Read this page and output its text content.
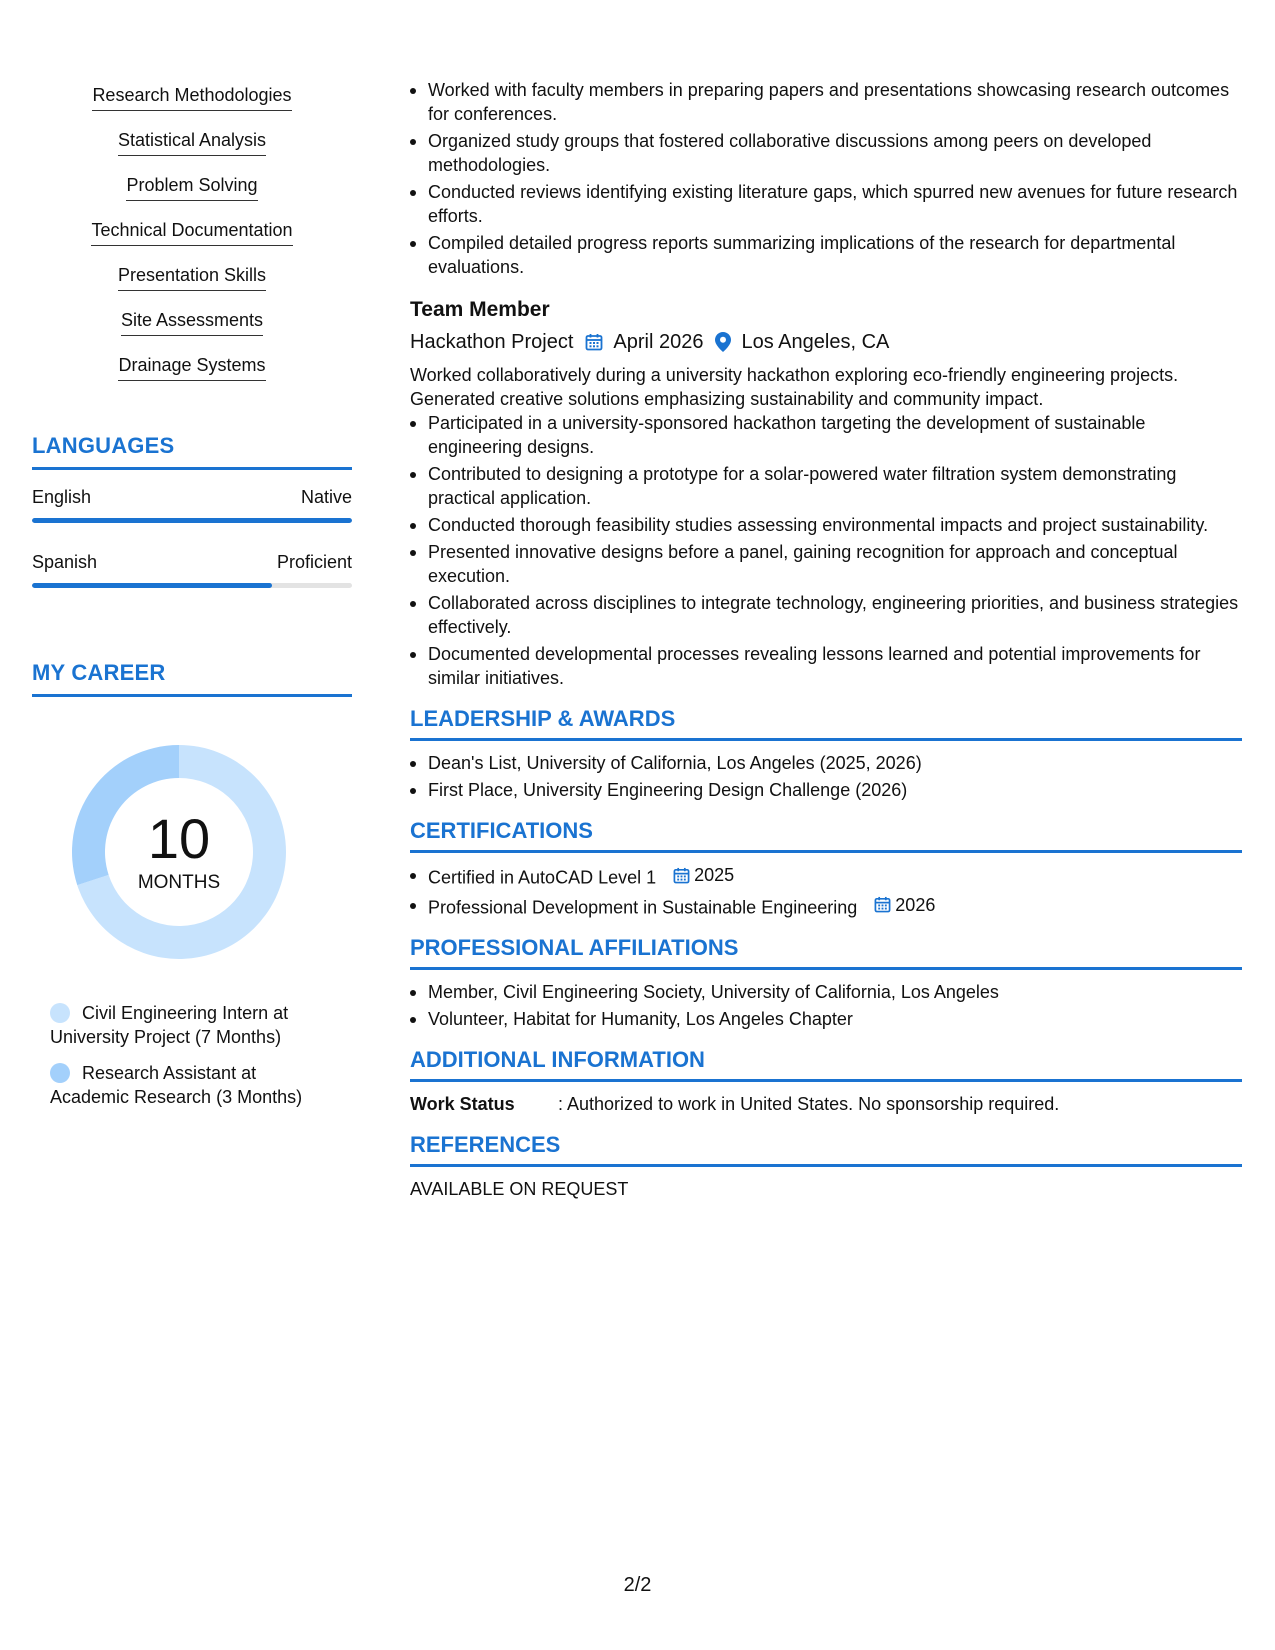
Research Methodologies
Statistical Analysis
Problem Solving
Technical Documentation
Presentation Skills
Site Assessments
Drainage Systems
LANGUAGES
English	Native
Spanish	Proficient
MY CAREER
10
MONTHS
Civil Engineering Intern at University Project (7 Months)
Research Assistant at Academic Research (3 Months)
Worked with faculty members in preparing papers and presentations showcasing research outcomes for conferences.
Organized study groups that fostered collaborative discussions among peers on developed methodologies.
Conducted reviews identifying existing literature gaps, which spurred new avenues for future research efforts.
Compiled detailed progress reports summarizing implications of the research for departmental evaluations.
Team Member
Hackathon Project April 2026 Los Angeles, CA
Worked collaboratively during a university hackathon exploring eco-friendly engineering projects. Generated creative solutions emphasizing sustainability and community impact.
Participated in a university-sponsored hackathon targeting the development of sustainable engineering designs.
Contributed to designing a prototype for a solar-powered water filtration system demonstrating practical application.
Conducted thorough feasibility studies assessing environmental impacts and project sustainability.
Presented innovative designs before a panel, gaining recognition for approach and conceptual execution.
Collaborated across disciplines to integrate technology, engineering priorities, and business strategies effectively.
Documented developmental processes revealing lessons learned and potential improvements for similar initiatives.
LEADERSHIP & AWARDS
Dean's List, University of California, Los Angeles (2025, 2026)
First Place, University Engineering Design Challenge (2026)
CERTIFICATIONS
Certified in AutoCAD Level 1 2025
Professional Development in Sustainable Engineering 2026
PROFESSIONAL AFFILIATIONS
Member, Civil Engineering Society, University of California, Los Angeles
Volunteer, Habitat for Humanity, Los Angeles Chapter
ADDITIONAL INFORMATION
Work Status	: Authorized to work in United States. No sponsorship required.
REFERENCES
AVAILABLE ON REQUEST
2/2
